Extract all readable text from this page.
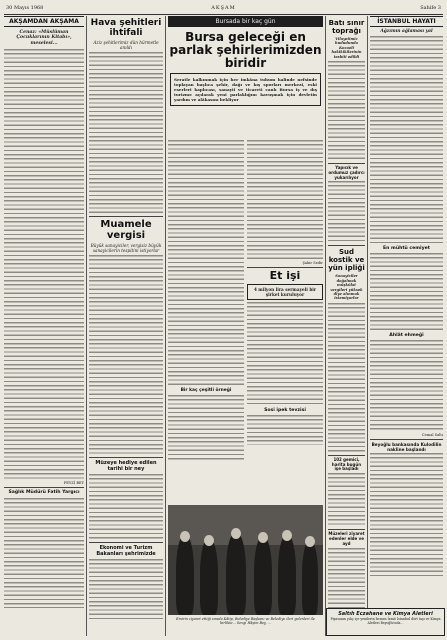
30 Mayıs 1968	AKŞAM	Sahife 3
AKŞAMDAN AKŞAMA
Cenaz: «Müslüman Çocuklarının Kitabı», meselesi...
FEYZİ BEY
Sağlık Müdürü Fatih Yargıcı
Hava şehitleri ihtifali
Aziz şehitlerimiz dün hürmetle anıldı
Muamele vergisi
Büyük sanayiciler, vergisiz büyük sanayicilerin tespitini istiyorlar
Müzeye hediye edilen tarihi bir ney
Ekonomi ve Turizm Bakanları şehrimizde
Bursada bir kaç gün
Bursa geleceği en parlak şehirlerimizden biridir
Seratle kalkınmak için her imkâna tuhum halinde nefsinde toplayan başlıca şehir, dağı ve kış sporları merkezi, eski eserleri kaplıcası, sanayii ve ticareti canlı Bursa iş ve dış turizme açılarak yeni parlaklığını kavuşmak için devletin yardım ve alâkasını bekliyor
Bir kaç çeşitli örneği
Şakir Sedir
Et işi
4 milyon lira sermayeli bir şirket kuruluyor
Sosi ipek tevzisi
Emirin ziyaret ettiği sırada Kâtip, Belediye Başkanı ve Belediye ileri gelenleri ile birlikte... Sevgi Hâşim Bey, ...
Batı sınır toprağı
Vilayetimiz hududunda Kocaeli hakikikilerinin tesbiti edildi
Yapıcık ve ordumuz çadırcı yukarılıyor
Sud kostik ve yün ipliği
Sanayiciler doğalmak müşkülat vergileri yüksek diye alınmak istemiyorlar
102 gemici, harita bugün işe başladı
Müzeleri ziyaret edenler elde ve ayd
İSTANBUL HAYATI
Ağzımın ağlaması yal
En mühtü cemiyet
Ahlât ehmeği
Cemal Saltı
Beyoğlu bankasında Kulodilin nakline başlandı
Saltıh Eczahane ve Kimya Aletleri
Piyasanın yılıç içe yenilerin hemen İzmit Istanbul dört taşı ve Kimya Aletleri Beyoğlu'nda...
